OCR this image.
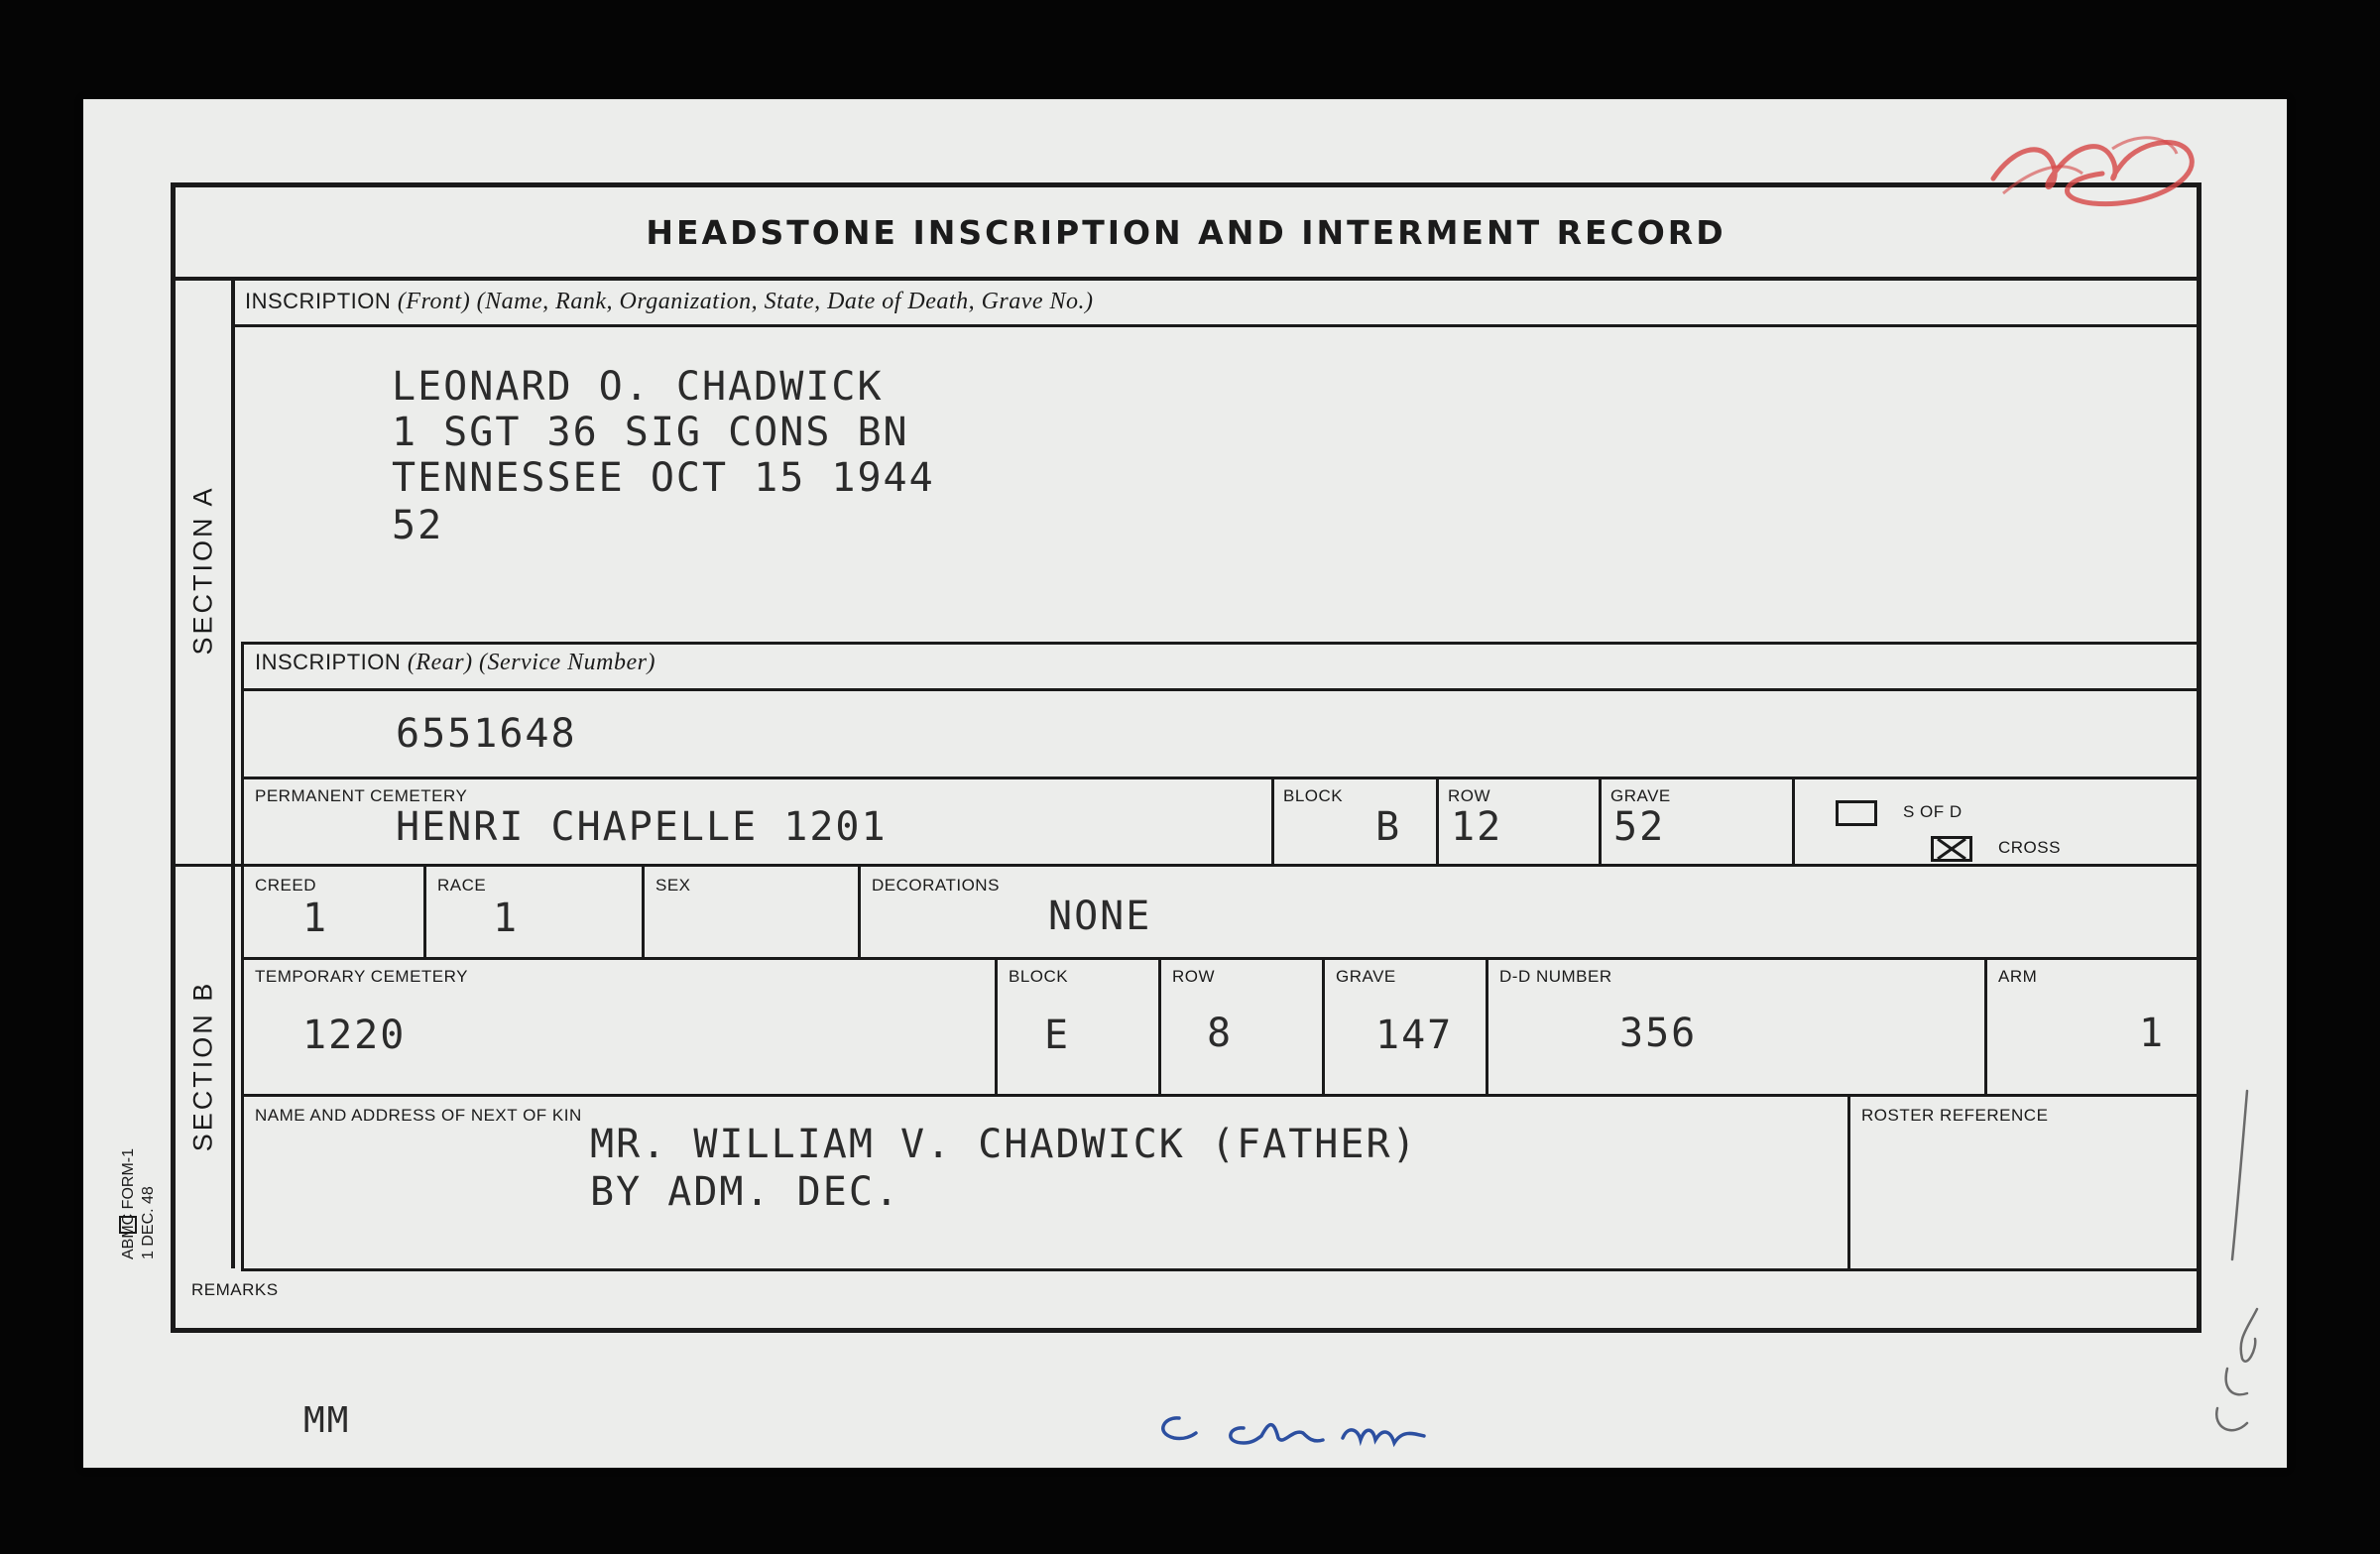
HEADSTONE INSCRIPTION AND INTERMENT RECORD
SECTION A
SECTION B
INSCRIPTION (Front) (Name, Rank, Organization, State, Date of Death, Grave No.)
LEONARD O. CHADWICK
1 SGT 36 SIG CONS BN
TENNESSEE OCT 15 1944
52
INSCRIPTION (Rear) (Service Number)
6551648
PERMANENT CEMETERY
HENRI CHAPELLE 1201
BLOCK
B
ROW
12
GRAVE
52	S OF D
CROSS
CREED
1
RACE
1
SEX	DECORATIONS
NONE
TEMPORARY CEMETERY
1220
BLOCK
E
ROW
8
GRAVE
147
D-D NUMBER
356
ARM
1
NAME AND ADDRESS OF NEXT OF KIN
MR. WILLIAM V. CHADWICK (FATHER)
BY ADM. DEC.
ROSTER REFERENCE
REMARKS
ABMC FORM-1 1 DEC. 48
MM
